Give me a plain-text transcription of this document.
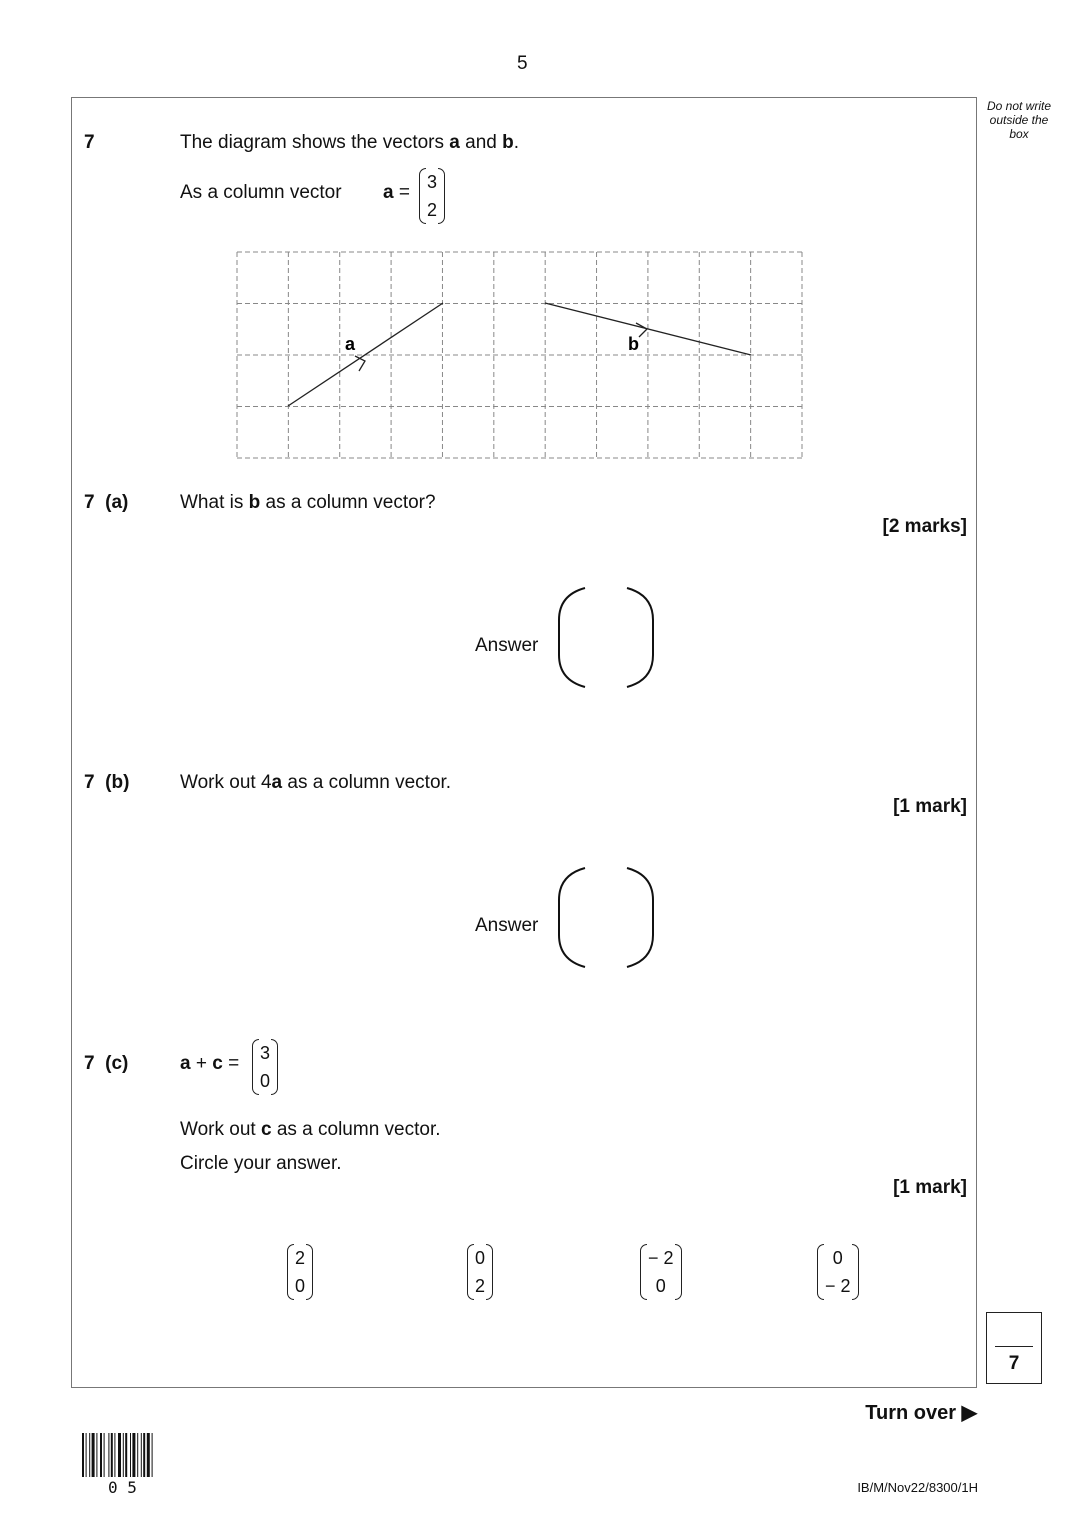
5
Do not write outside the box
7	The diagram shows the vectors a and b.
As a column vector a = 3
2
a	b
7 (a)	What is b as a column vector?
[2 marks]
Answer
7 (b)	Work out 4a as a column vector.
[1 mark]
Answer
7 (c)	a + c = 3
0
Work out c as a column vector.
Circle your answer.
[1 mark]
2
0
0
2
− 2
0
0
− 2
7
Turn over ▶
0 5	IB/M/Nov22/8300/1H
